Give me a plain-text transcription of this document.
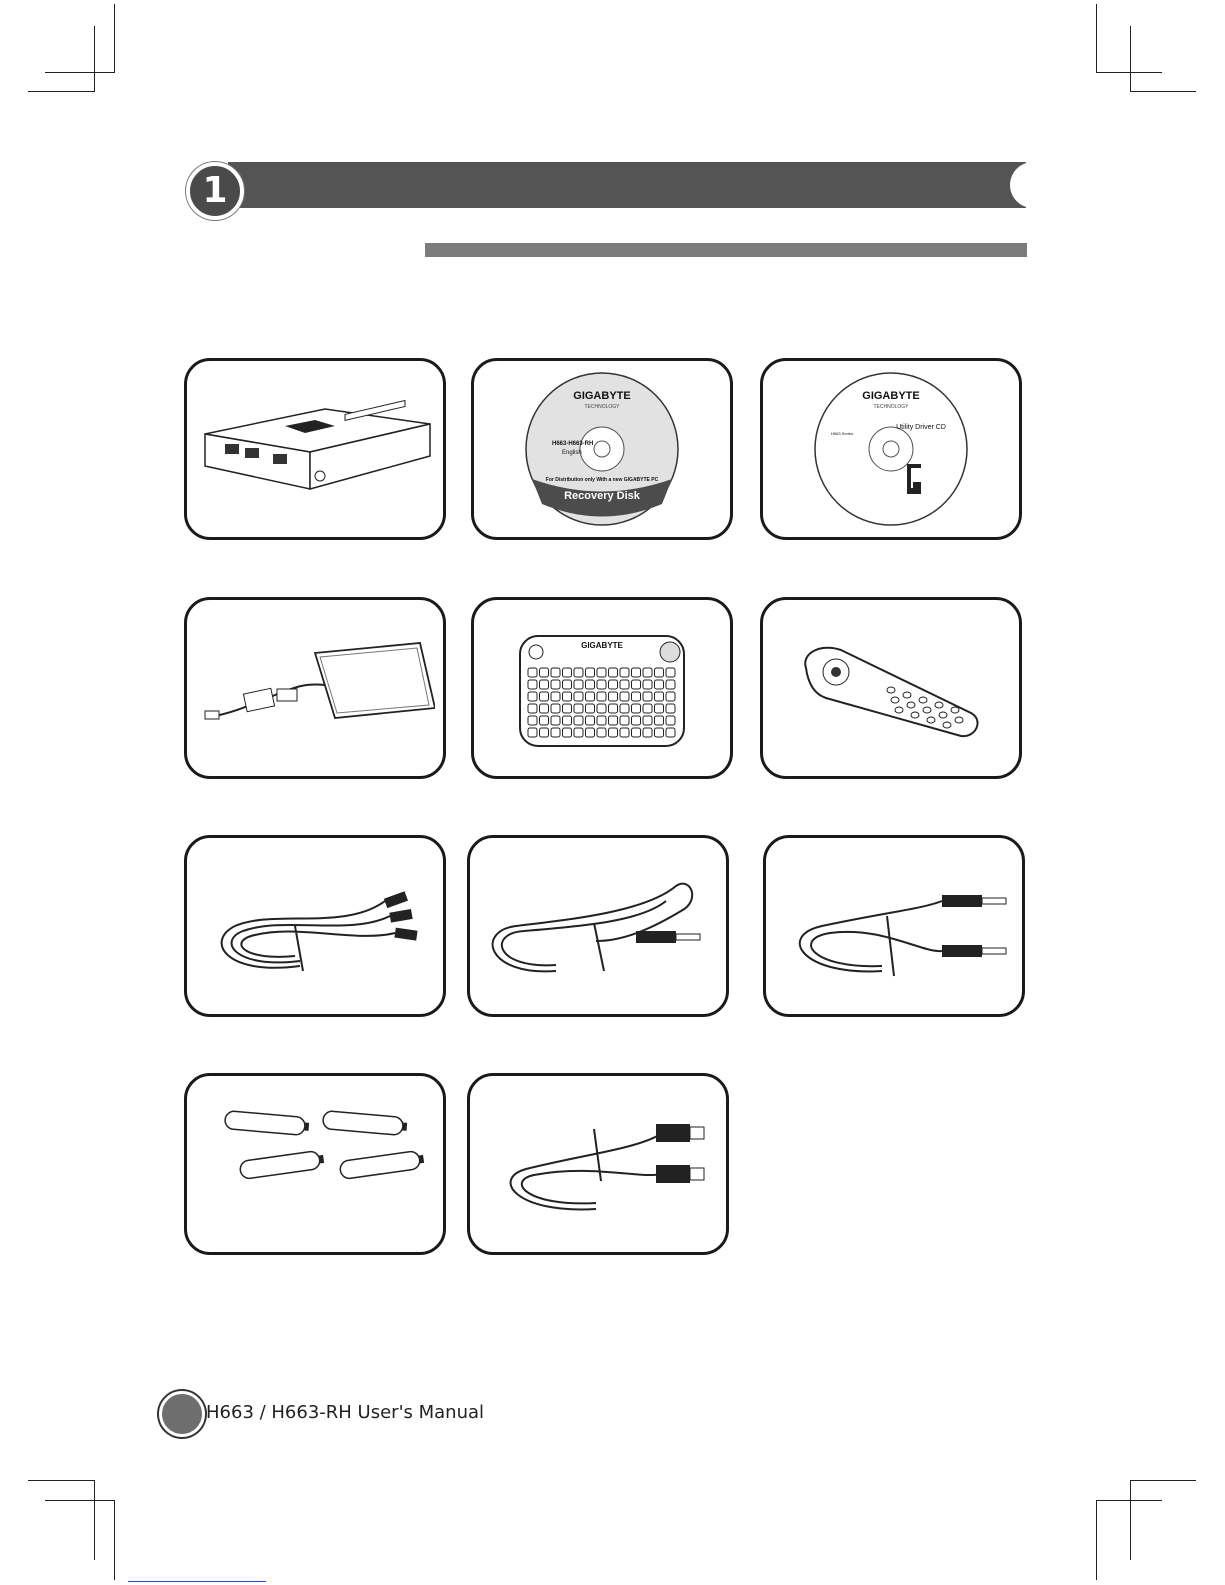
1
GIGABYTE
TECHNOLOGY
H663-H663-RH
English
For Distribution only With a new GIGABYTE PC
Recovery Disk
GIGABYTE
TECHNOLOGY
Utility Driver CD
H663 Series
GIGABYTE
H663 / H663-RH User's Manual
